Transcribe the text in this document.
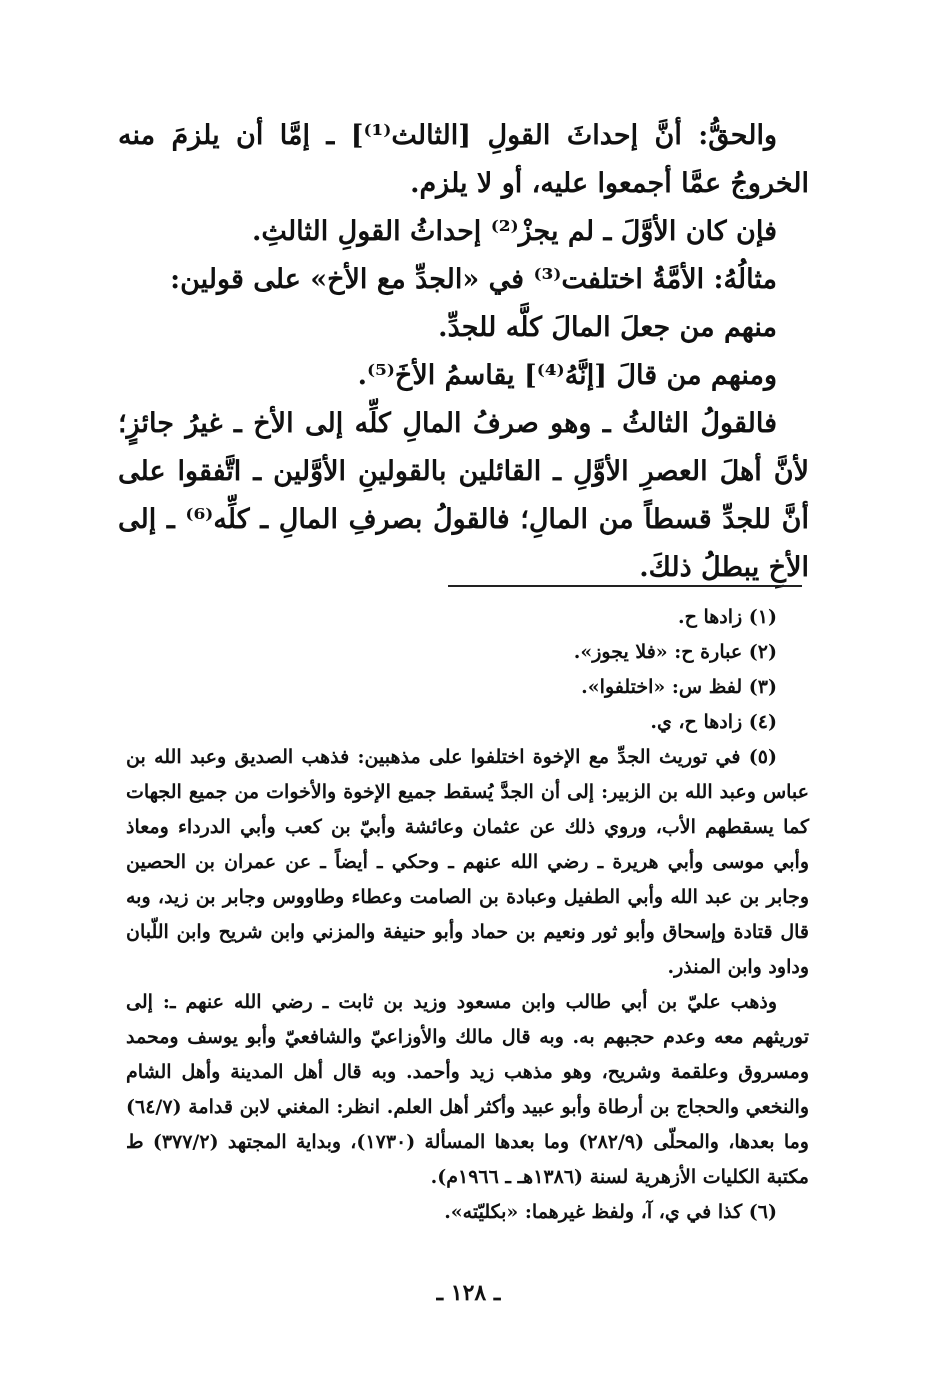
والحقُّ: أنَّ إحداثَ القولِ [الثالث⁽¹⁾] ـ إمَّا أن يلزمَ منه الخروجُ عمَّا أجمعوا عليه، أو لا يلزم.

فإن كان الأوَّلَ ـ لم يجزْ⁽²⁾ إحداثُ القولِ الثالثِ.

مثالُهُ: الأمَّةُ اختلفت⁽³⁾ في «الجدِّ مع الأخ» على قولين:

منهم من جعلَ المالَ كلَّه للجدِّ.

ومنهم من قالَ [إنَّهُ⁽⁴⁾] يقاسمُ الأخَ⁽⁵⁾.

فالقولُ الثالثُ ـ وهو صرفُ المالِ كلِّه إلى الأخ ـ غيرُ جائزٍ؛ لأنَّ أهلَ العصرِ الأوَّلِ ـ القائلين بالقولينِ الأوَّلين ـ اتَّفقوا على أنَّ للجدِّ قسطاً من المالِ؛ فالقولُ بصرفِ المالِ ـ كلِّه⁽⁶⁾ ـ إلى الأخِ يبطلُ ذلكَ.

(١) زادها ح.

(٢) عبارة ح: «فلا يجوز».

(٣) لفظ س: «اختلفوا».

(٤) زادها ح، ي.

(٥) في توريث الجدِّ مع الإخوة اختلفوا على مذهبين: فذهب الصديق وعبد الله بن عباس وعبد الله بن الزبير: إلى أن الجدَّ يُسقط جميع الإخوة والأخوات من جميع الجهات كما يسقطهم الأب، وروي ذلك عن عثمان وعائشة وأبيّ بن كعب وأبي الدرداء ومعاذ وأبي موسى وأبي هريرة ـ رضي الله عنهم ـ وحكي ـ أيضاً ـ عن عمران بن الحصين وجابر بن عبد الله وأبي الطفيل وعبادة بن الصامت وعطاء وطاووس وجابر بن زيد، وبه قال قتادة وإسحاق وأبو ثور ونعيم بن حماد وأبو حنيفة والمزني وابن شريح وابن اللّبان وداود وابن المنذر.

وذهب عليّ بن أبي طالب وابن مسعود وزيد بن ثابت ـ رضي الله عنهم ـ: إلى توريثهم معه وعدم حجبهم به. وبه قال مالك والأوزاعيّ والشافعيّ وأبو يوسف ومحمد ومسروق وعلقمة وشريح، وهو مذهب زيد وأحمد. وبه قال أهل المدينة وأهل الشام والنخعي والحجاج بن أرطاة وأبو عبيد وأكثر أهل العلم. انظر: المغني لابن قدامة (٦٤/٧) وما بعدها، والمحلّى (٢٨٢/٩) وما بعدها المسألة (١٧٣٠)، وبداية المجتهد (٣٧٧/٢) ط مكتبة الكليات الأزهرية لسنة (١٣٨٦هـ ـ ١٩٦٦م).

(٦) كذا في ي، آ، ولفظ غيرهما: «بكليّته».

ـ ١٢٨ ـ
